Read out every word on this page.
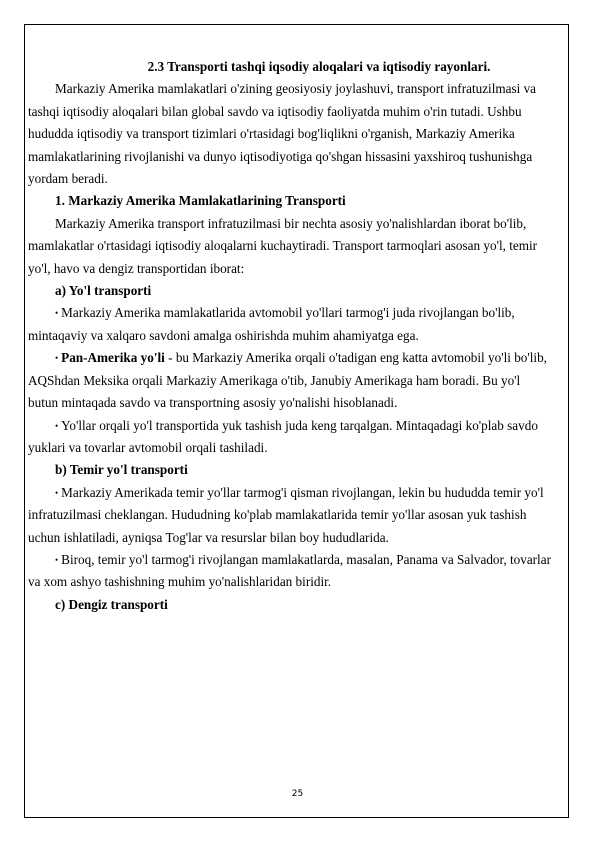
2.3 Transporti tashqi iqsodiy aloqalari va iqtisodiy rayonlari.

Markaziy Amerika mamlakatlari o'zining geosiyosiy joylashuvi, transport infratuzilmasi va tashqi iqtisodiy aloqalari bilan global savdo va iqtisodiy faoliyatda muhim o'rin tutadi. Ushbu hududda iqtisodiy va transport tizimlari o'rtasidagi bog'liqlikni o'rganish, Markaziy Amerika mamlakatlarining rivojlanishi va dunyo iqtisodiyotiga qo'shgan hissasini yaxshiroq tushunishga yordam beradi.

1. Markaziy Amerika Mamlakatlarining Transporti

Markaziy Amerika transport infratuzilmasi bir nechta asosiy yo'nalishlardan iborat bo'lib, mamlakatlar o'rtasidagi iqtisodiy aloqalarni kuchaytiradi. Transport tarmoqlari asosan yo'l, temir yo'l, havo va dengiz transportidan iborat:

a) Yo'l transporti

• Markaziy Amerika mamlakatlarida avtomobil yo'llari tarmog'i juda rivojlangan bo'lib, mintaqaviy va xalqaro savdoni amalga oshirishda muhim ahamiyatga ega.

• Pan-Amerika yo'li - bu Markaziy Amerika orqali o'tadigan eng katta avtomobil yo'li bo'lib, AQShdan Meksika orqali Markaziy Amerikaga o'tib, Janubiy Amerikaga ham boradi. Bu yo'l butun mintaqada savdo va transportning asosiy yo'nalishi hisoblanadi.

• Yo'llar orqali yo'l transportida yuk tashish juda keng tarqalgan. Mintaqadagi ko'plab savdo yuklari va tovarlar avtomobil orqali tashiladi.

b) Temir yo'l transporti

• Markaziy Amerikada temir yo'llar tarmog'i qisman rivojlangan, lekin bu hududda temir yo'l infratuzilmasi cheklangan. Hududning ko'plab mamlakatlarida temir yo'llar asosan yuk tashish uchun ishlatiladi, ayniqsa Tog'lar va resurslar bilan boy hududlarida.

• Biroq, temir yo'l tarmog'i rivojlangan mamlakatlarda, masalan, Panama va Salvador, tovarlar va xom ashyo tashishning muhim yo'nalishlaridan biridir.

c) Dengiz transporti

25
